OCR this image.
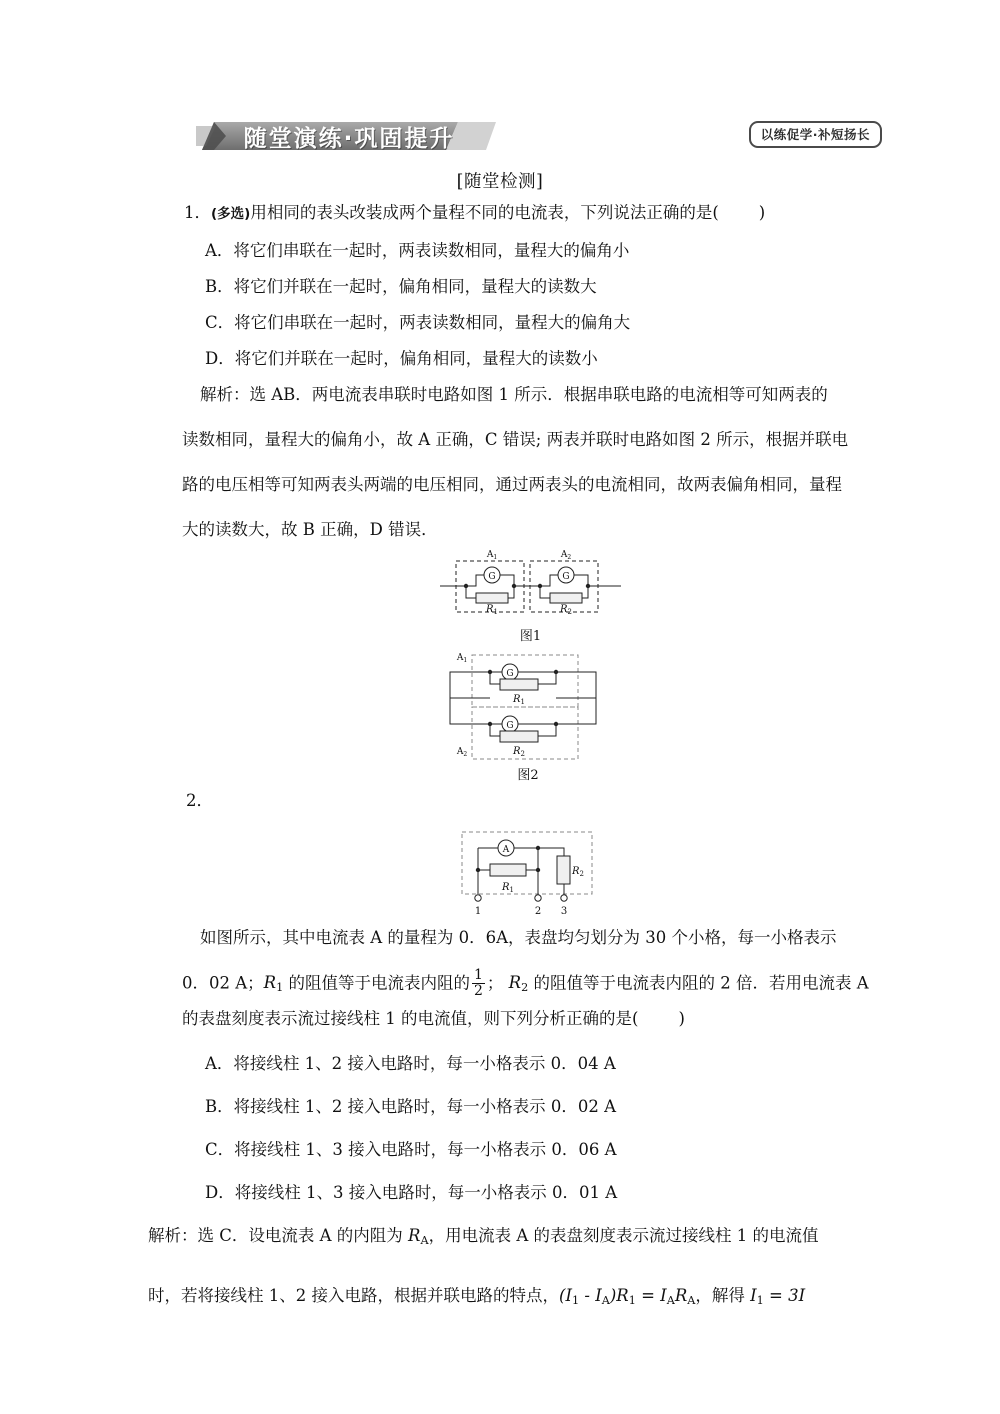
随堂演练·巩固提升	以练促学·补短扬长
[随堂检测]
1．(多选)用相同的表头改装成两个量程不同的电流表，下列说法正确的是( )
A．将它们串联在一起时，两表读数相同，量程大的偏角小
B．将它们并联在一起时，偏角相同，量程大的读数大
C．将它们串联在一起时，两表读数相同，量程大的偏角大
D．将它们并联在一起时，偏角相同，量程大的读数小
解析：选 AB．两电流表串联时电路如图 1 所示．根据串联电路的电流相等可知两表的
读数相同，量程大的偏角小，故 A 正确，C 错误; 两表并联时电路如图 2 所示，根据并联电
路的电压相等可知两表头两端的电压相同，通过两表头的电流相同，故两表偏角相同，量程
大的读数大，故 B 正确，D 错误．
$A_1$	$A_2$
G	G
$R_1$	$R_2$
图1
$A_1$
$A_2$
G
G
$R_1$
$R_2$
图2
2．
A
$R_1$
$R_2$
1	2 3
如图所示，其中电流表 A 的量程为 0．6A，表盘均匀划分为 30 个小格，每一小格表示
0．02 A；$R_1$ 的阻值等于电流表内阻的 $\frac{1}{2}$ ； $R_2$ 的阻值等于电流表内阻的 2 倍．若用电流表 A
的表盘刻度表示流过接线柱 1 的电流值，则下列分析正确的是( )
A．将接线柱 1、2 接入电路时，每一小格表示 0．04 A
B．将接线柱 1、2 接入电路时，每一小格表示 0．02 A
C．将接线柱 1、3 接入电路时，每一小格表示 0．06 A
D．将接线柱 1、3 接入电路时，每一小格表示 0．01 A
解析：选 C．设电流表 A 的内阻为 $R_A$，用电流表 A 的表盘刻度表示流过接线柱 1 的电流值
时，若将接线柱 1、2 接入电路，根据并联电路的特点，$(I_1 - I_A)R_1 = I_AR_A$，解得 $I_1 = 3I$
